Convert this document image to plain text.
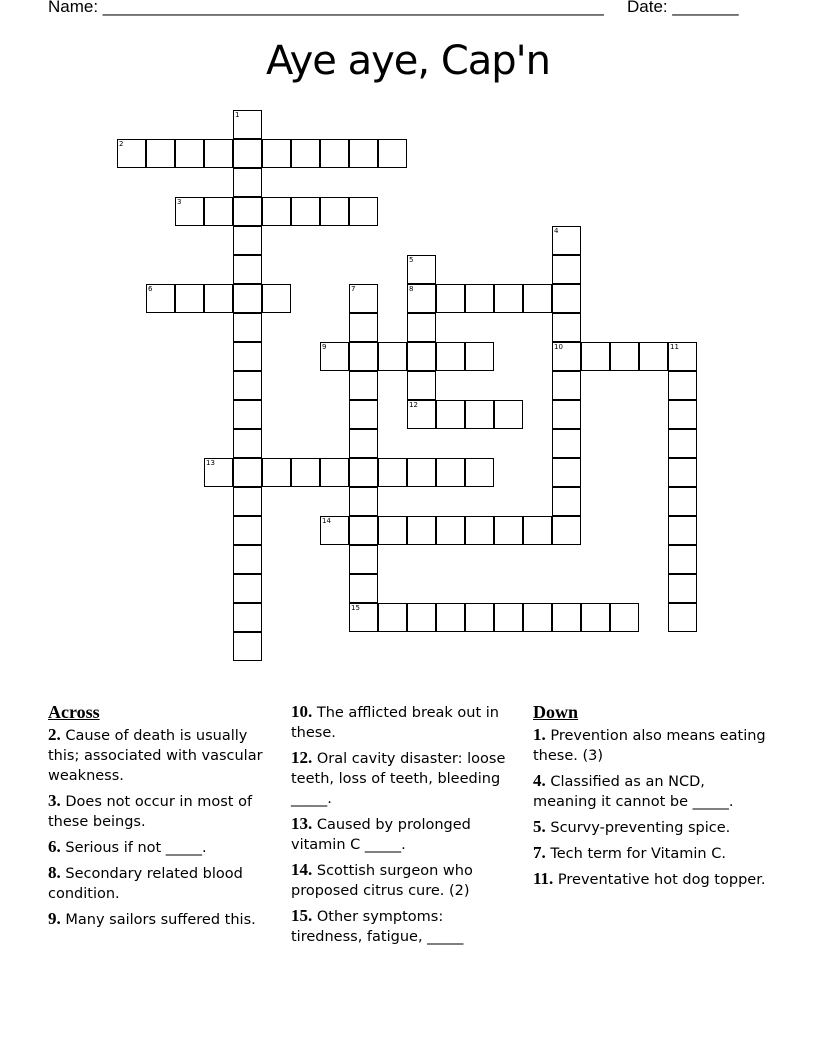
Name: _____________________________________________________ Date: _______
Aye aye, Cap'n
1
2
3
4
10
5
8
12
6	7
15
9	11
13
14
Across
2. Cause of death is usually this; associated with vascular weakness.
3. Does not occur in most of these beings.
6. Serious if not _____.
8. Secondary related blood condition.
9. Many sailors suffered this.
10. The afflicted break out in these.
12. Oral cavity disaster: loose teeth, loss of teeth, bleeding _____.
13. Caused by prolonged vitamin C _____.
14. Scottish surgeon who proposed citrus cure. (2)
15. Other symptoms: tiredness, fatigue, _____
Down
1. Prevention also means eating these. (3)
4. Classified as an NCD, meaning it cannot be _____.
5. Scurvy-preventing spice.
7. Tech term for Vitamin C.
11. Preventative hot dog topper.
